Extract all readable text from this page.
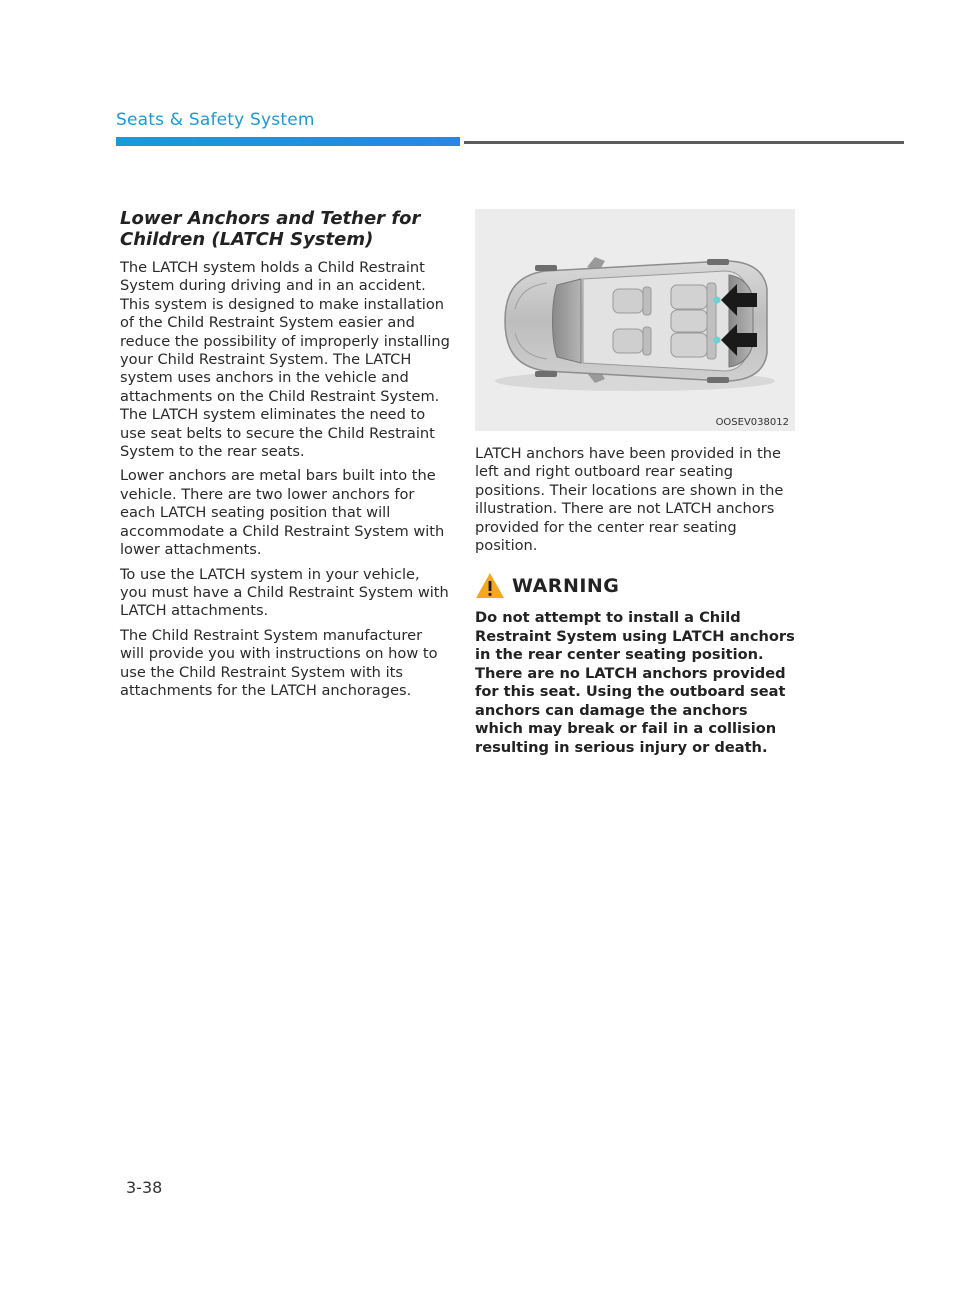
Seats & Safety System
Lower Anchors and Tether for Children (LATCH System)

The LATCH system holds a Child Restraint System during driving and in an accident. This system is designed to make installation of the Child Restraint System easier and reduce the possibility of improperly installing your Child Restraint System. The LATCH system uses anchors in the vehicle and attachments on the Child Restraint System. The LATCH system eliminates the need to use seat belts to secure the Child Restraint System to the rear seats.

Lower anchors are metal bars built into the vehicle. There are two lower anchors for each LATCH seating position that will accommodate a Child Restraint System with lower attachments.

To use the LATCH system in your vehicle, you must have a Child Restraint System with LATCH attachments.

The Child Restraint System manufacturer will provide you with instructions on how to use the Child Restraint System with its attachments for the LATCH anchorages.

OOSEV038012

LATCH anchors have been provided in the left and right outboard rear seating positions. Their locations are shown in the illustration. There are not LATCH anchors provided for the center rear seating position.

WARNING

Do not attempt to install a Child Restraint System using LATCH anchors in the rear center seating position. There are no LATCH anchors provided for this seat. Using the outboard seat anchors can damage the anchors which may break or fail in a collision resulting in serious injury or death.

3-38
